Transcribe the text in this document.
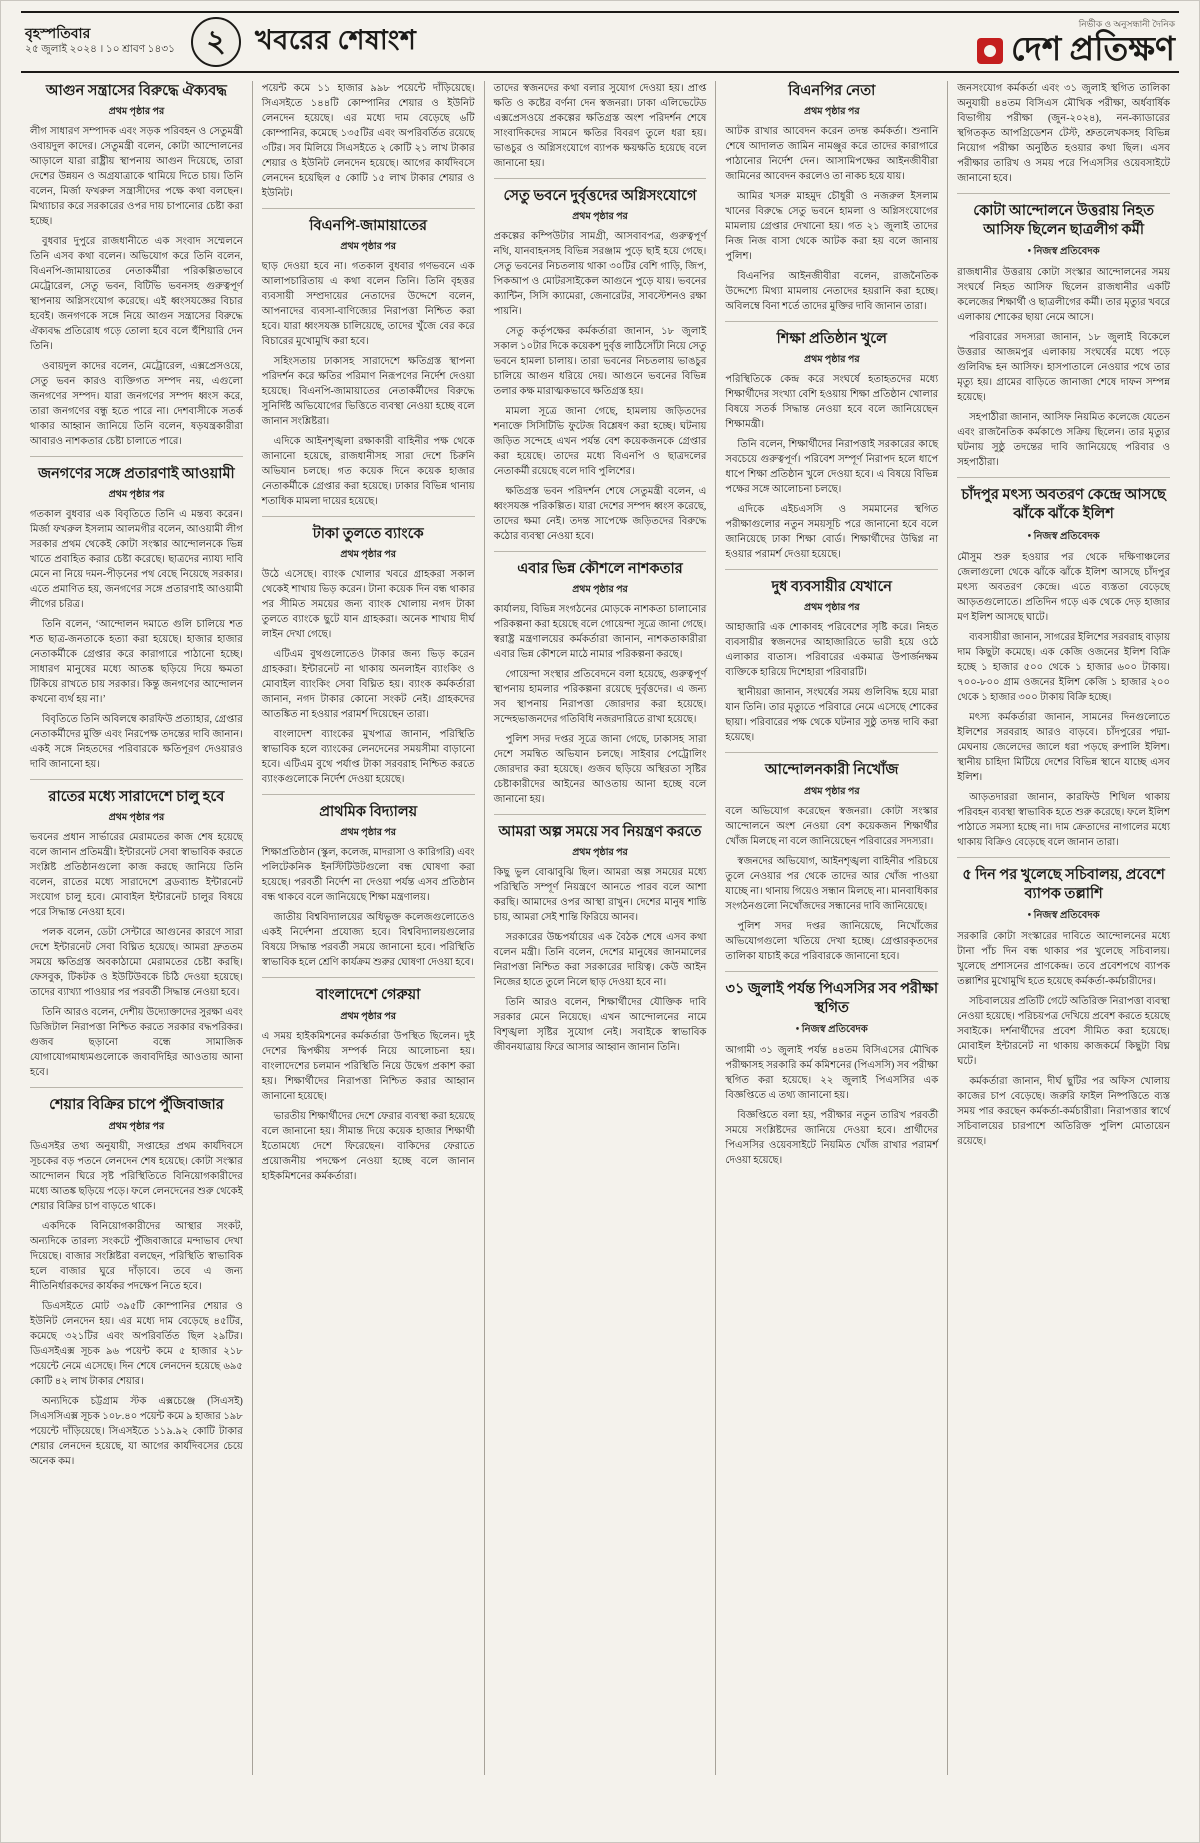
বৃহস্পতিবার
২৫ জুলাই ২০২৪ । ১০ শ্রাবণ ১৪৩১	২ খবরের শেষাংশ
নির্ভীক ও অনুসন্ধানী দৈনিক
দেশ প্রতিক্ষণ
আগুন সন্ত্রাসের বিরুদ্ধে ঐক্যবদ্ধ
প্রথম পৃষ্ঠার পর

লীগ সাধারণ সম্পাদক এবং সড়ক পরিবহন ও সেতুমন্ত্রী ওবায়দুল কাদের। সেতুমন্ত্রী বলেন, কোটা আন্দোলনের আড়ালে যারা রাষ্ট্রীয় স্থাপনায় আগুন দিয়েছে, তারা দেশের উন্নয়ন ও অগ্রযাত্রাকে থামিয়ে দিতে চায়। তিনি বলেন, মির্জা ফখরুল সন্ত্রাসীদের পক্ষে কথা বলছেন। মিথ্যাচার করে সরকারের ওপর দায় চাপানোর চেষ্টা করা হচ্ছে।

বুধবার দুপুরে রাজধানীতে এক সংবাদ সম্মেলনে তিনি এসব কথা বলেন। অভিযোগ করে তিনি বলেন, বিএনপি-জামায়াতের নেতাকর্মীরা পরিকল্পিতভাবে মেট্রোরেল, সেতু ভবন, বিটিভি ভবনসহ গুরুত্বপূর্ণ স্থাপনায় অগ্নিসংযোগ করেছে। এই ধ্বংসযজ্ঞের বিচার হবেই। জনগণকে সঙ্গে নিয়ে আগুন সন্ত্রাসের বিরুদ্ধে ঐক্যবদ্ধ প্রতিরোধ গড়ে তোলা হবে বলে হুঁশিয়ারি দেন তিনি।

ওবায়দুল কাদের বলেন, মেট্রোরেল, এক্সপ্রেসওয়ে, সেতু ভবন কারও ব্যক্তিগত সম্পদ নয়, এগুলো জনগণের সম্পদ। যারা জনগণের সম্পদ ধ্বংস করে, তারা জনগণের বন্ধু হতে পারে না। দেশবাসীকে সতর্ক থাকার আহ্বান জানিয়ে তিনি বলেন, ষড়যন্ত্রকারীরা আবারও নাশকতার চেষ্টা চালাতে পারে।

জনগণের সঙ্গে প্রতারণাই আওয়ামী
প্রথম পৃষ্ঠার পর

গতকাল বুধবার এক বিবৃতিতে তিনি এ মন্তব্য করেন। মির্জা ফখরুল ইসলাম আলমগীর বলেন, আওয়ামী লীগ সরকার প্রথম থেকেই কোটা সংস্কার আন্দোলনকে ভিন্ন খাতে প্রবাহিত করার চেষ্টা করেছে। ছাত্রদের ন্যায্য দাবি মেনে না নিয়ে দমন-পীড়নের পথ বেছে নিয়েছে সরকার। এতে প্রমাণিত হয়, জনগণের সঙ্গে প্রতারণাই আওয়ামী লীগের চরিত্র।

তিনি বলেন, ‘আন্দোলন দমাতে গুলি চালিয়ে শত শত ছাত্র-জনতাকে হত্যা করা হয়েছে। হাজার হাজার নেতাকর্মীকে গ্রেপ্তার করে কারাগারে পাঠানো হচ্ছে। সাধারণ মানুষের মধ্যে আতঙ্ক ছড়িয়ে দিয়ে ক্ষমতা টিকিয়ে রাখতে চায় সরকার। কিন্তু জনগণের আন্দোলন কখনো ব্যর্থ হয় না।’

বিবৃতিতে তিনি অবিলম্বে কারফিউ প্রত্যাহার, গ্রেপ্তার নেতাকর্মীদের মুক্তি এবং নিরপেক্ষ তদন্তের দাবি জানান। একই সঙ্গে নিহতদের পরিবারকে ক্ষতিপূরণ দেওয়ারও দাবি জানানো হয়।

রাতের মধ্যে সারাদেশে চালু হবে
প্রথম পৃষ্ঠার পর

ভবনের প্রধান সার্ভারের মেরামতের কাজ শেষ হয়েছে বলে জানান প্রতিমন্ত্রী। ইন্টারনেট সেবা স্বাভাবিক করতে সংশ্লিষ্ট প্রতিষ্ঠানগুলো কাজ করছে জানিয়ে তিনি বলেন, রাতের মধ্যে সারাদেশে ব্রডব্যান্ড ইন্টারনেট সংযোগ চালু হবে। মোবাইল ইন্টারনেট চালুর বিষয়ে পরে সিদ্ধান্ত নেওয়া হবে।

পলক বলেন, ডেটা সেন্টারে আগুনের কারণে সারা দেশে ইন্টারনেট সেবা বিঘ্নিত হয়েছে। আমরা দ্রুততম সময়ে ক্ষতিগ্রস্ত অবকাঠামো মেরামতের চেষ্টা করছি। ফেসবুক, টিকটক ও ইউটিউবকে চিঠি দেওয়া হয়েছে। তাদের ব্যাখ্যা পাওয়ার পর পরবর্তী সিদ্ধান্ত নেওয়া হবে।

তিনি আরও বলেন, দেশীয় উদ্যোক্তাদের সুরক্ষা এবং ডিজিটাল নিরাপত্তা নিশ্চিত করতে সরকার বদ্ধপরিকর। গুজব ছড়ানো বন্ধে সামাজিক যোগাযোগমাধ্যমগুলোকে জবাবদিহির আওতায় আনা হবে।

শেয়ার বিক্রির চাপে পুঁজিবাজার
প্রথম পৃষ্ঠার পর

ডিএসইর তথ্য অনুযায়ী, সপ্তাহের প্রথম কার্যদিবসে সূচকের বড় পতনে লেনদেন শেষ হয়েছে। কোটা সংস্কার আন্দোলন ঘিরে সৃষ্ট পরিস্থিতিতে বিনিয়োগকারীদের মধ্যে আতঙ্ক ছড়িয়ে পড়ে। ফলে লেনদেনের শুরু থেকেই শেয়ার বিক্রির চাপ বাড়তে থাকে।

একদিকে বিনিয়োগকারীদের আস্থার সংকট, অন্যদিকে তারল্য সংকটে পুঁজিবাজারে মন্দাভাব দেখা দিয়েছে। বাজার সংশ্লিষ্টরা বলছেন, পরিস্থিতি স্বাভাবিক হলে বাজার ঘুরে দাঁড়াবে। তবে এ জন্য নীতিনির্ধারকদের কার্যকর পদক্ষেপ নিতে হবে।

ডিএসইতে মোট ৩৯৫টি কোম্পানির শেয়ার ও ইউনিট লেনদেন হয়। এর মধ্যে দাম বেড়েছে ৪৫টির, কমেছে ৩২১টির এবং অপরিবর্তিত ছিল ২৯টির। ডিএসইএক্স সূচক ৯৬ পয়েন্ট কমে ৫ হাজার ২১৮ পয়েন্টে নেমে এসেছে। দিন শেষে লেনদেন হয়েছে ৬৯৫ কোটি ৪২ লাখ টাকার শেয়ার।

অন্যদিকে চট্টগ্রাম স্টক এক্সচেঞ্জে (সিএসই) সিএসসিএক্স সূচক ১০৮.৪০ পয়েন্ট কমে ৯ হাজার ১৯৮ পয়েন্টে দাঁড়িয়েছে। সিএসইতে ১১৯.৯২ কোটি টাকার শেয়ার লেনদেন হয়েছে, যা আগের কার্যদিবসের চেয়ে অনেক কম।

পয়েন্ট কমে ১১ হাজার ৯৯৮ পয়েন্টে দাঁড়িয়েছে। সিএসইতে ১৪৪টি কোম্পানির শেয়ার ও ইউনিট লেনদেন হয়েছে। এর মধ্যে দাম বেড়েছে ৬টি কোম্পানির, কমেছে ১৩৫টির এবং অপরিবর্তিত রয়েছে ৩টির। সব মিলিয়ে সিএসইতে ২ কোটি ২১ লাখ টাকার শেয়ার ও ইউনিট লেনদেন হয়েছে। আগের কার্যদিবসে লেনদেন হয়েছিল ৫ কোটি ১৫ লাখ টাকার শেয়ার ও ইউনিট।

বিএনপি-জামায়াতের
প্রথম পৃষ্ঠার পর

ছাড় দেওয়া হবে না। গতকাল বুধবার গণভবনে এক আলাপচারিতায় এ কথা বলেন তিনি। তিনি বৃহত্তর ব্যবসায়ী সম্প্রদায়ের নেতাদের উদ্দেশে বলেন, আপনাদের ব্যবসা-বাণিজ্যের নিরাপত্তা নিশ্চিত করা হবে। যারা ধ্বংসযজ্ঞ চালিয়েছে, তাদের খুঁজে বের করে বিচারের মুখোমুখি করা হবে।

সহিংসতায় ঢাকাসহ সারাদেশে ক্ষতিগ্রস্ত স্থাপনা পরিদর্শন করে ক্ষতির পরিমাণ নিরূপণের নির্দেশ দেওয়া হয়েছে। বিএনপি-জামায়াতের নেতাকর্মীদের বিরুদ্ধে সুনির্দিষ্ট অভিযোগের ভিত্তিতে ব্যবস্থা নেওয়া হচ্ছে বলে জানান সংশ্লিষ্টরা।

এদিকে আইনশৃঙ্খলা রক্ষাকারী বাহিনীর পক্ষ থেকে জানানো হয়েছে, রাজধানীসহ সারা দেশে চিরুনি অভিযান চলছে। গত কয়েক দিনে কয়েক হাজার নেতাকর্মীকে গ্রেপ্তার করা হয়েছে। ঢাকার বিভিন্ন থানায় শতাধিক মামলা দায়ের হয়েছে।

টাকা তুলতে ব্যাংকে
প্রথম পৃষ্ঠার পর

উঠে এসেছে। ব্যাংক খোলার খবরে গ্রাহকরা সকাল থেকেই শাখায় ভিড় করেন। টানা কয়েক দিন বন্ধ থাকার পর সীমিত সময়ের জন্য ব্যাংক খোলায় নগদ টাকা তুলতে ব্যাংকে ছুটে যান গ্রাহকরা। অনেক শাখায় দীর্ঘ লাইন দেখা গেছে।

এটিএম বুথগুলোতেও টাকার জন্য ভিড় করেন গ্রাহকরা। ইন্টারনেট না থাকায় অনলাইন ব্যাংকিং ও মোবাইল ব্যাংকিং সেবা বিঘ্নিত হয়। ব্যাংক কর্মকর্তারা জানান, নগদ টাকার কোনো সংকট নেই। গ্রাহকদের আতঙ্কিত না হওয়ার পরামর্শ দিয়েছেন তারা।

বাংলাদেশ ব্যাংকের মুখপাত্র জানান, পরিস্থিতি স্বাভাবিক হলে ব্যাংকের লেনদেনের সময়সীমা বাড়ানো হবে। এটিএম বুথে পর্যাপ্ত টাকা সরবরাহ নিশ্চিত করতে ব্যাংকগুলোকে নির্দেশ দেওয়া হয়েছে।

প্রাথমিক বিদ্যালয়
প্রথম পৃষ্ঠার পর

শিক্ষাপ্রতিষ্ঠান (স্কুল, কলেজ, মাদরাসা ও কারিগরি) এবং পলিটেকনিক ইনস্টিটিউটগুলো বন্ধ ঘোষণা করা হয়েছে। পরবর্তী নির্দেশ না দেওয়া পর্যন্ত এসব প্রতিষ্ঠান বন্ধ থাকবে বলে জানিয়েছে শিক্ষা মন্ত্রণালয়।

জাতীয় বিশ্ববিদ্যালয়ের অধিভুক্ত কলেজগুলোতেও একই নির্দেশনা প্রযোজ্য হবে। বিশ্ববিদ্যালয়গুলোর বিষয়ে সিদ্ধান্ত পরবর্তী সময়ে জানানো হবে। পরিস্থিতি স্বাভাবিক হলে শ্রেণি কার্যক্রম শুরুর ঘোষণা দেওয়া হবে।

বাংলাদেশে গেরুয়া
প্রথম পৃষ্ঠার পর

এ সময় হাইকমিশনের কর্মকর্তারা উপস্থিত ছিলেন। দুই দেশের দ্বিপক্ষীয় সম্পর্ক নিয়ে আলোচনা হয়। বাংলাদেশের চলমান পরিস্থিতি নিয়ে উদ্বেগ প্রকাশ করা হয়। শিক্ষার্থীদের নিরাপত্তা নিশ্চিত করার আহ্বান জানানো হয়েছে।

ভারতীয় শিক্ষার্থীদের দেশে ফেরার ব্যবস্থা করা হয়েছে বলে জানানো হয়। সীমান্ত দিয়ে কয়েক হাজার শিক্ষার্থী ইতোমধ্যে দেশে ফিরেছেন। বাকিদের ফেরাতে প্রয়োজনীয় পদক্ষেপ নেওয়া হচ্ছে বলে জানান হাইকমিশনের কর্মকর্তারা।

তাদের স্বজনদের কথা বলার সুযোগ দেওয়া হয়। প্রাপ্ত ক্ষতি ও কষ্টের বর্ণনা দেন স্বজনরা। ঢাকা এলিভেটেড এক্সপ্রেসওয়ে প্রকল্পের ক্ষতিগ্রস্ত অংশ পরিদর্শন শেষে সাংবাদিকদের সামনে ক্ষতির বিবরণ তুলে ধরা হয়। ভাঙচুর ও অগ্নিসংযোগে ব্যাপক ক্ষয়ক্ষতি হয়েছে বলে জানানো হয়।

সেতু ভবনে দুর্বৃত্তদের অগ্নিসংযোগে
প্রথম পৃষ্ঠার পর

প্রকল্পের কম্পিউটার সামগ্রী, আসবাবপত্র, গুরুত্বপূর্ণ নথি, যানবাহনসহ বিভিন্ন সরঞ্জাম পুড়ে ছাই হয়ে গেছে। সেতু ভবনের নিচতলায় থাকা ৩০টির বেশি গাড়ি, জিপ, পিকআপ ও মোটরসাইকেল আগুনে পুড়ে যায়। ভবনের ক্যান্টিন, সিসি ক্যামেরা, জেনারেটর, সাবস্টেশনও রক্ষা পায়নি।

সেতু কর্তৃপক্ষের কর্মকর্তারা জানান, ১৮ জুলাই সকাল ১০টার দিকে কয়েকশ দুর্বৃত্ত লাঠিসোঁটা নিয়ে সেতু ভবনে হামলা চালায়। তারা ভবনের নিচতলায় ভাঙচুর চালিয়ে আগুন ধরিয়ে দেয়। আগুনে ভবনের বিভিন্ন তলার কক্ষ মারাত্মকভাবে ক্ষতিগ্রস্ত হয়।

মামলা সূত্রে জানা গেছে, হামলায় জড়িতদের শনাক্তে সিসিটিভি ফুটেজ বিশ্লেষণ করা হচ্ছে। ঘটনায় জড়িত সন্দেহে এখন পর্যন্ত বেশ কয়েকজনকে গ্রেপ্তার করা হয়েছে। তাদের মধ্যে বিএনপি ও ছাত্রদলের নেতাকর্মী রয়েছে বলে দাবি পুলিশের।

ক্ষতিগ্রস্ত ভবন পরিদর্শন শেষে সেতুমন্ত্রী বলেন, এ ধ্বংসযজ্ঞ পরিকল্পিত। যারা দেশের সম্পদ ধ্বংস করেছে, তাদের ক্ষমা নেই। তদন্ত সাপেক্ষে জড়িতদের বিরুদ্ধে কঠোর ব্যবস্থা নেওয়া হবে।

এবার ভিন্ন কৌশলে নাশকতার
প্রথম পৃষ্ঠার পর

কার্যালয়, বিভিন্ন সংগঠনের মোড়কে নাশকতা চালানোর পরিকল্পনা করা হয়েছে বলে গোয়েন্দা সূত্রে জানা গেছে। স্বরাষ্ট্র মন্ত্রণালয়ের কর্মকর্তারা জানান, নাশকতাকারীরা এবার ভিন্ন কৌশলে মাঠে নামার পরিকল্পনা করছে।

গোয়েন্দা সংস্থার প্রতিবেদনে বলা হয়েছে, গুরুত্বপূর্ণ স্থাপনায় হামলার পরিকল্পনা রয়েছে দুর্বৃত্তদের। এ জন্য সব স্থাপনায় নিরাপত্তা জোরদার করা হয়েছে। সন্দেহভাজনদের গতিবিধি নজরদারিতে রাখা হয়েছে।

পুলিশ সদর দপ্তর সূত্রে জানা গেছে, ঢাকাসহ সারা দেশে সমন্বিত অভিযান চলছে। সাইবার পেট্রোলিং জোরদার করা হয়েছে। গুজব ছড়িয়ে অস্থিরতা সৃষ্টির চেষ্টাকারীদের আইনের আওতায় আনা হচ্ছে বলে জানানো হয়।

আমরা অল্প সময়ে সব নিয়ন্ত্রণ করতে
প্রথম পৃষ্ঠার পর

কিছু ভুল বোঝাবুঝি ছিল। আমরা অল্প সময়ের মধ্যে পরিস্থিতি সম্পূর্ণ নিয়ন্ত্রণে আনতে পারব বলে আশা করছি। আমাদের ওপর আস্থা রাখুন। দেশের মানুষ শান্তি চায়, আমরা সেই শান্তি ফিরিয়ে আনব।

সরকারের উচ্চপর্যায়ের এক বৈঠক শেষে এসব কথা বলেন মন্ত্রী। তিনি বলেন, দেশের মানুষের জানমালের নিরাপত্তা নিশ্চিত করা সরকারের দায়িত্ব। কেউ আইন নিজের হাতে তুলে নিলে ছাড় দেওয়া হবে না।

তিনি আরও বলেন, শিক্ষার্থীদের যৌক্তিক দাবি সরকার মেনে নিয়েছে। এখন আন্দোলনের নামে বিশৃঙ্খলা সৃষ্টির সুযোগ নেই। সবাইকে স্বাভাবিক জীবনযাত্রায় ফিরে আসার আহ্বান জানান তিনি।

বিএনপির নেতা
প্রথম পৃষ্ঠার পর

আটক রাখার আবেদন করেন তদন্ত কর্মকর্তা। শুনানি শেষে আদালত জামিন নামঞ্জুর করে তাদের কারাগারে পাঠানোর নির্দেশ দেন। আসামিপক্ষের আইনজীবীরা জামিনের আবেদন করলেও তা নাকচ হয়ে যায়।

আমির খসরু মাহমুদ চৌধুরী ও নজরুল ইসলাম খানের বিরুদ্ধে সেতু ভবনে হামলা ও অগ্নিসংযোগের মামলায় গ্রেপ্তার দেখানো হয়। গত ২১ জুলাই তাদের নিজ নিজ বাসা থেকে আটক করা হয় বলে জানায় পুলিশ।

বিএনপির আইনজীবীরা বলেন, রাজনৈতিক উদ্দেশ্যে মিথ্যা মামলায় নেতাদের হয়রানি করা হচ্ছে। অবিলম্বে বিনা শর্তে তাদের মুক্তির দাবি জানান তারা।

শিক্ষা প্রতিষ্ঠান খুলে
প্রথম পৃষ্ঠার পর

পরিস্থিতিকে কেন্দ্র করে সংঘর্ষে হতাহতদের মধ্যে শিক্ষার্থীদের সংখ্যা বেশি হওয়ায় শিক্ষা প্রতিষ্ঠান খোলার বিষয়ে সতর্ক সিদ্ধান্ত নেওয়া হবে বলে জানিয়েছেন শিক্ষামন্ত্রী।

তিনি বলেন, শিক্ষার্থীদের নিরাপত্তাই সরকারের কাছে সবচেয়ে গুরুত্বপূর্ণ। পরিবেশ সম্পূর্ণ নিরাপদ হলে ধাপে ধাপে শিক্ষা প্রতিষ্ঠান খুলে দেওয়া হবে। এ বিষয়ে বিভিন্ন পক্ষের সঙ্গে আলোচনা চলছে।

এদিকে এইচএসসি ও সমমানের স্থগিত পরীক্ষাগুলোর নতুন সময়সূচি পরে জানানো হবে বলে জানিয়েছে ঢাকা শিক্ষা বোর্ড। শিক্ষার্থীদের উদ্বিগ্ন না হওয়ার পরামর্শ দেওয়া হয়েছে।

দুধ ব্যবসায়ীর যেখানে
প্রথম পৃষ্ঠার পর

আহাজারি এক শোকাবহ পরিবেশের সৃষ্টি করে। নিহত ব্যবসায়ীর স্বজনদের আহাজারিতে ভারী হয়ে ওঠে এলাকার বাতাস। পরিবারের একমাত্র উপার্জনক্ষম ব্যক্তিকে হারিয়ে দিশেহারা পরিবারটি।

স্থানীয়রা জানান, সংঘর্ষের সময় গুলিবিদ্ধ হয়ে মারা যান তিনি। তার মৃত্যুতে পরিবারে নেমে এসেছে শোকের ছায়া। পরিবারের পক্ষ থেকে ঘটনার সুষ্ঠু তদন্ত দাবি করা হয়েছে।

আন্দোলনকারী নিখোঁজ
প্রথম পৃষ্ঠার পর

বলে অভিযোগ করেছেন স্বজনরা। কোটা সংস্কার আন্দোলনে অংশ নেওয়া বেশ কয়েকজন শিক্ষার্থীর খোঁজ মিলছে না বলে জানিয়েছেন পরিবারের সদস্যরা।

স্বজনদের অভিযোগ, আইনশৃঙ্খলা বাহিনীর পরিচয়ে তুলে নেওয়ার পর থেকে তাদের আর খোঁজ পাওয়া যাচ্ছে না। থানায় গিয়েও সন্ধান মিলছে না। মানবাধিকার সংগঠনগুলো নিখোঁজদের সন্ধানের দাবি জানিয়েছে।

পুলিশ সদর দপ্তর জানিয়েছে, নিখোঁজের অভিযোগগুলো খতিয়ে দেখা হচ্ছে। গ্রেপ্তারকৃতদের তালিকা যাচাই করে পরিবারকে জানানো হবে।

৩১ জুলাই পর্যন্ত পিএসসির সব পরীক্ষা স্থগিত
• নিজস্ব প্রতিবেদক

আগামী ৩১ জুলাই পর্যন্ত ৪৪তম বিসিএসের মৌখিক পরীক্ষাসহ সরকারি কর্ম কমিশনের (পিএসসি) সব পরীক্ষা স্থগিত করা হয়েছে। ২২ জুলাই পিএসসির এক বিজ্ঞপ্তিতে এ তথ্য জানানো হয়।

বিজ্ঞপ্তিতে বলা হয়, পরীক্ষার নতুন তারিখ পরবর্তী সময়ে সংশ্লিষ্টদের জানিয়ে দেওয়া হবে। প্রার্থীদের পিএসসির ওয়েবসাইটে নিয়মিত খোঁজ রাখার পরামর্শ দেওয়া হয়েছে।

জনসংযোগ কর্মকর্তা এবং ৩১ জুলাই স্থগিত তালিকা অনুযায়ী ৪৪তম বিসিএস মৌখিক পরীক্ষা, অর্ধবার্ষিক বিভাগীয় পরীক্ষা (জুন-২০২৪), নন-ক্যাডারের স্থগিতকৃত আপগ্রিডেশন টেস্ট, শ্রুতলেখকসহ বিভিন্ন নিয়োগ পরীক্ষা অনুষ্ঠিত হওয়ার কথা ছিল। এসব পরীক্ষার তারিখ ও সময় পরে পিএসসির ওয়েবসাইটে জানানো হবে।

কোটা আন্দোলনে উত্তরায় নিহত আসিফ ছিলেন ছাত্রলীগ কর্মী
• নিজস্ব প্রতিবেদক

রাজধানীর উত্তরায় কোটা সংস্কার আন্দোলনের সময় সংঘর্ষে নিহত আসিফ ছিলেন রাজধানীর একটি কলেজের শিক্ষার্থী ও ছাত্রলীগের কর্মী। তার মৃত্যুর খবরে এলাকায় শোকের ছায়া নেমে আসে।

পরিবারের সদস্যরা জানান, ১৮ জুলাই বিকেলে উত্তরার আজমপুর এলাকায় সংঘর্ষের মধ্যে পড়ে গুলিবিদ্ধ হন আসিফ। হাসপাতালে নেওয়ার পথে তার মৃত্যু হয়। গ্রামের বাড়িতে জানাজা শেষে দাফন সম্পন্ন হয়েছে।

সহপাঠীরা জানান, আসিফ নিয়মিত কলেজে যেতেন এবং রাজনৈতিক কর্মকাণ্ডে সক্রিয় ছিলেন। তার মৃত্যুর ঘটনায় সুষ্ঠু তদন্তের দাবি জানিয়েছে পরিবার ও সহপাঠীরা।

চাঁদপুর মৎস্য অবতরণ কেন্দ্রে আসছে ঝাঁকে ঝাঁকে ইলিশ
• নিজস্ব প্রতিবেদক

মৌসুম শুরু হওয়ার পর থেকে দক্ষিণাঞ্চলের জেলাগুলো থেকে ঝাঁকে ঝাঁকে ইলিশ আসছে চাঁদপুর মৎস্য অবতরণ কেন্দ্রে। এতে ব্যস্ততা বেড়েছে আড়তগুলোতে। প্রতিদিন গড়ে এক থেকে দেড় হাজার মণ ইলিশ আসছে ঘাটে।

ব্যবসায়ীরা জানান, সাগরের ইলিশের সরবরাহ বাড়ায় দাম কিছুটা কমেছে। এক কেজি ওজনের ইলিশ বিক্রি হচ্ছে ১ হাজার ৫০০ থেকে ১ হাজার ৬০০ টাকায়। ৭০০-৮০০ গ্রাম ওজনের ইলিশ কেজি ১ হাজার ২০০ থেকে ১ হাজার ৩০০ টাকায় বিক্রি হচ্ছে।

মৎস্য কর্মকর্তারা জানান, সামনের দিনগুলোতে ইলিশের সরবরাহ আরও বাড়বে। চাঁদপুরের পদ্মা-মেঘনায় জেলেদের জালে ধরা পড়ছে রুপালি ইলিশ। স্থানীয় চাহিদা মিটিয়ে দেশের বিভিন্ন স্থানে যাচ্ছে এসব ইলিশ।

আড়তদাররা জানান, কারফিউ শিথিল থাকায় পরিবহন ব্যবস্থা স্বাভাবিক হতে শুরু করেছে। ফলে ইলিশ পাঠাতে সমস্যা হচ্ছে না। দাম ক্রেতাদের নাগালের মধ্যে থাকায় বিক্রিও বেড়েছে বলে জানান তারা।

৫ দিন পর খুলেছে সচিবালয়, প্রবেশে ব্যাপক তল্লাশি
• নিজস্ব প্রতিবেদক

সরকারি কোটা সংস্কারের দাবিতে আন্দোলনের মধ্যে টানা পাঁচ দিন বন্ধ থাকার পর খুলেছে সচিবালয়। খুলেছে প্রশাসনের প্রাণকেন্দ্র। তবে প্রবেশপথে ব্যাপক তল্লাশির মুখোমুখি হতে হয়েছে কর্মকর্তা-কর্মচারীদের।

সচিবালয়ের প্রতিটি গেটে অতিরিক্ত নিরাপত্তা ব্যবস্থা নেওয়া হয়েছে। পরিচয়পত্র দেখিয়ে প্রবেশ করতে হয়েছে সবাইকে। দর্শনার্থীদের প্রবেশ সীমিত করা হয়েছে। মোবাইল ইন্টারনেট না থাকায় কাজকর্মে কিছুটা বিঘ্ন ঘটে।

কর্মকর্তারা জানান, দীর্ঘ ছুটির পর অফিস খোলায় কাজের চাপ বেড়েছে। জরুরি ফাইল নিষ্পত্তিতে ব্যস্ত সময় পার করছেন কর্মকর্তা-কর্মচারীরা। নিরাপত্তার স্বার্থে সচিবালয়ের চারপাশে অতিরিক্ত পুলিশ মোতায়েন রয়েছে।
